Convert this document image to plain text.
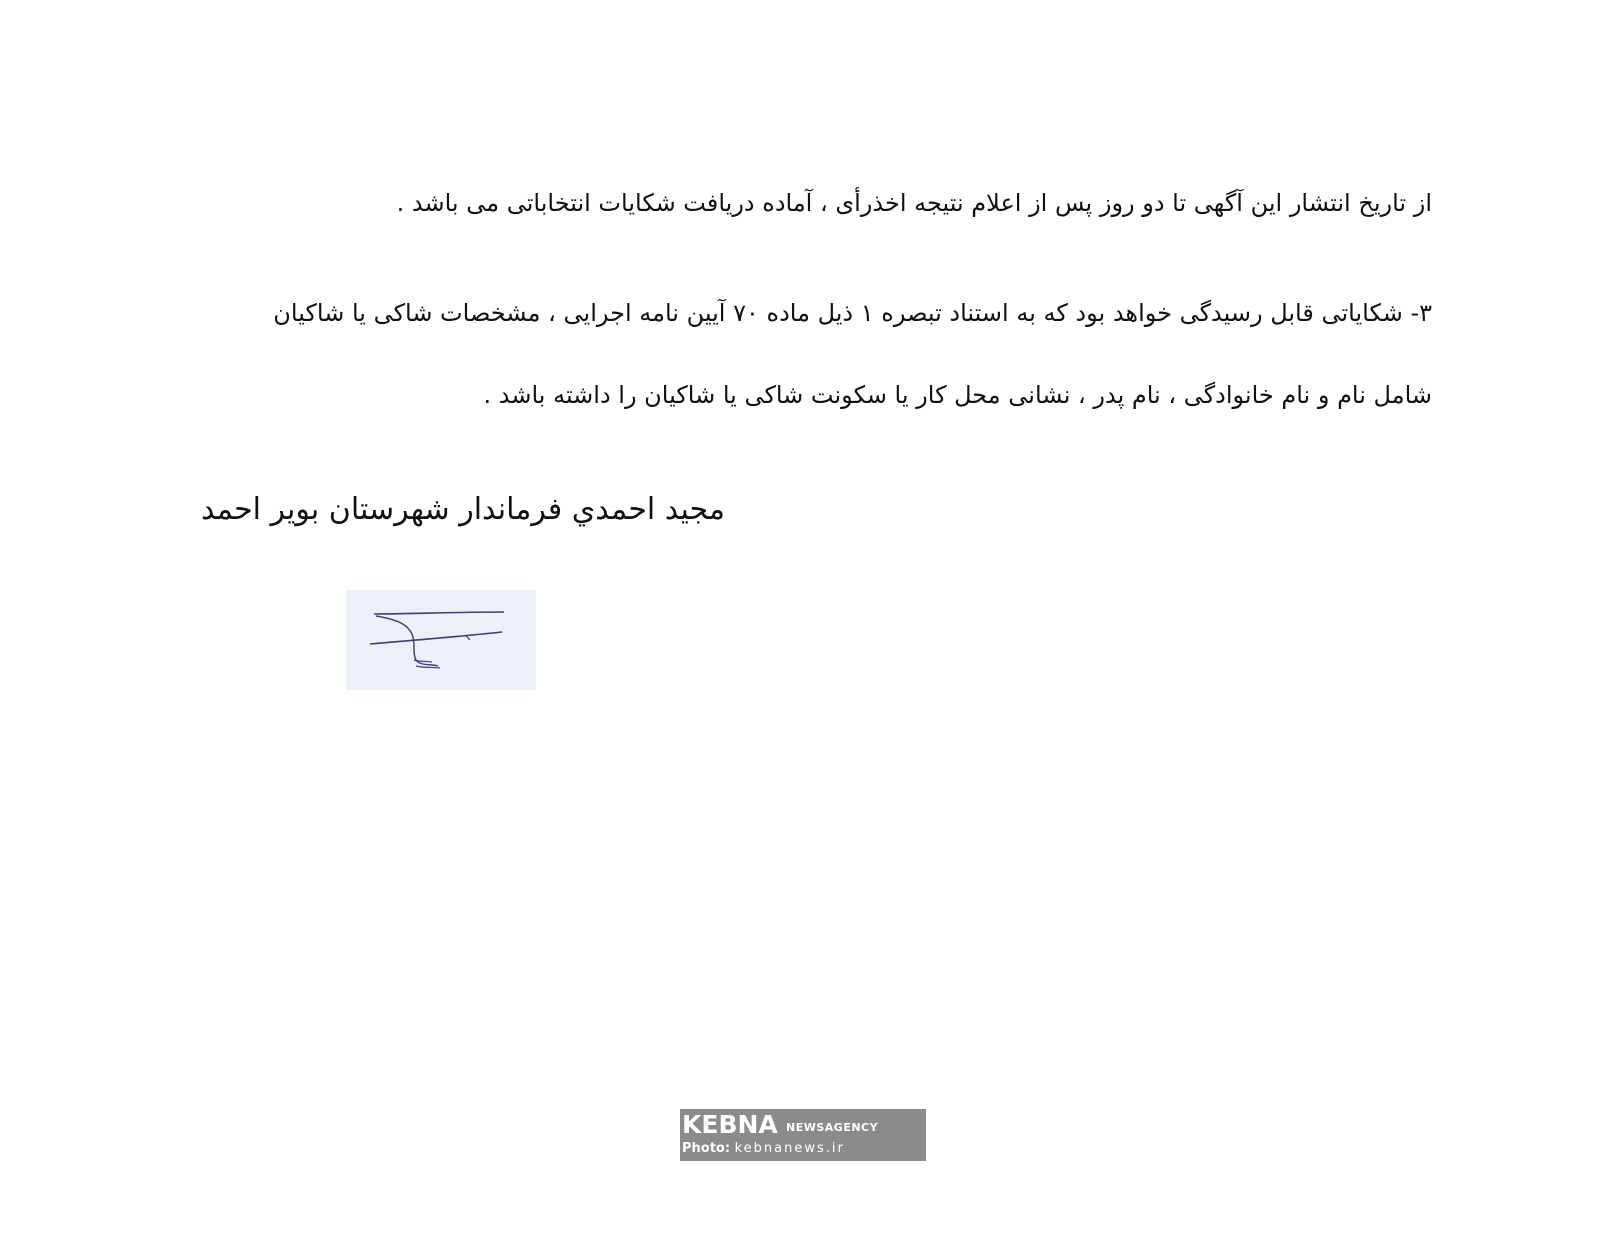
از تاریخ انتشار این آگهی تا دو روز پس از اعلام نتیجه اخذرأی ، آماده دریافت شکایات انتخاباتی می باشد .
۳- شکایاتی قابل رسیدگی خواهد بود که به استناد تبصره ۱ ذیل ماده ۷۰ آیین نامه اجرایی ، مشخصات شاکی یا شاکیان
شامل نام و نام خانوادگی ، نام پدر ، نشانی محل کار یا سکونت شاکی یا شاکیان را داشته باشد .
مجيد احمدي فرماندار شهرستان بوير احمد
KEBNA NEWSAGENCY
Photo: kebnanews.ir
